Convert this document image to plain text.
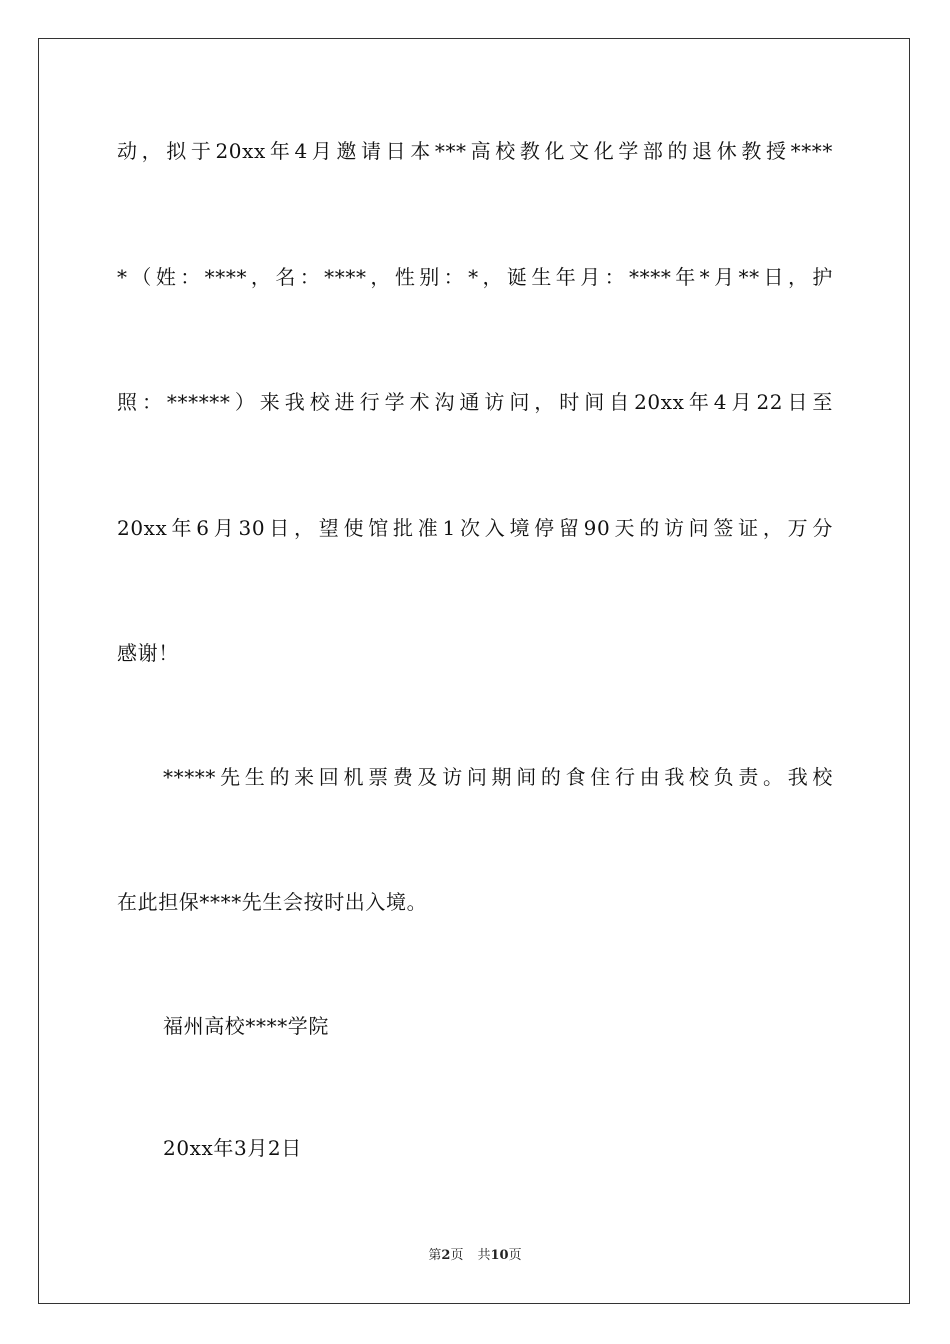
动，拟于20xx年4月邀请日本***高校教化文化学部的退休教授****
*（姓：****，名：****，性别：*，诞生年月：****年*月**日，护
照：******）来我校进行学术沟通访问，时间自20xx年4月22日至
20xx年6月30日，望使馆批准1次入境停留90天的访问签证，万分
感谢！
*****先生的来回机票费及访问期间的食住行由我校负责。我校
在此担保****先生会按时出入境。
福州高校****学院
20xx年3月2日
第2页 共10页
